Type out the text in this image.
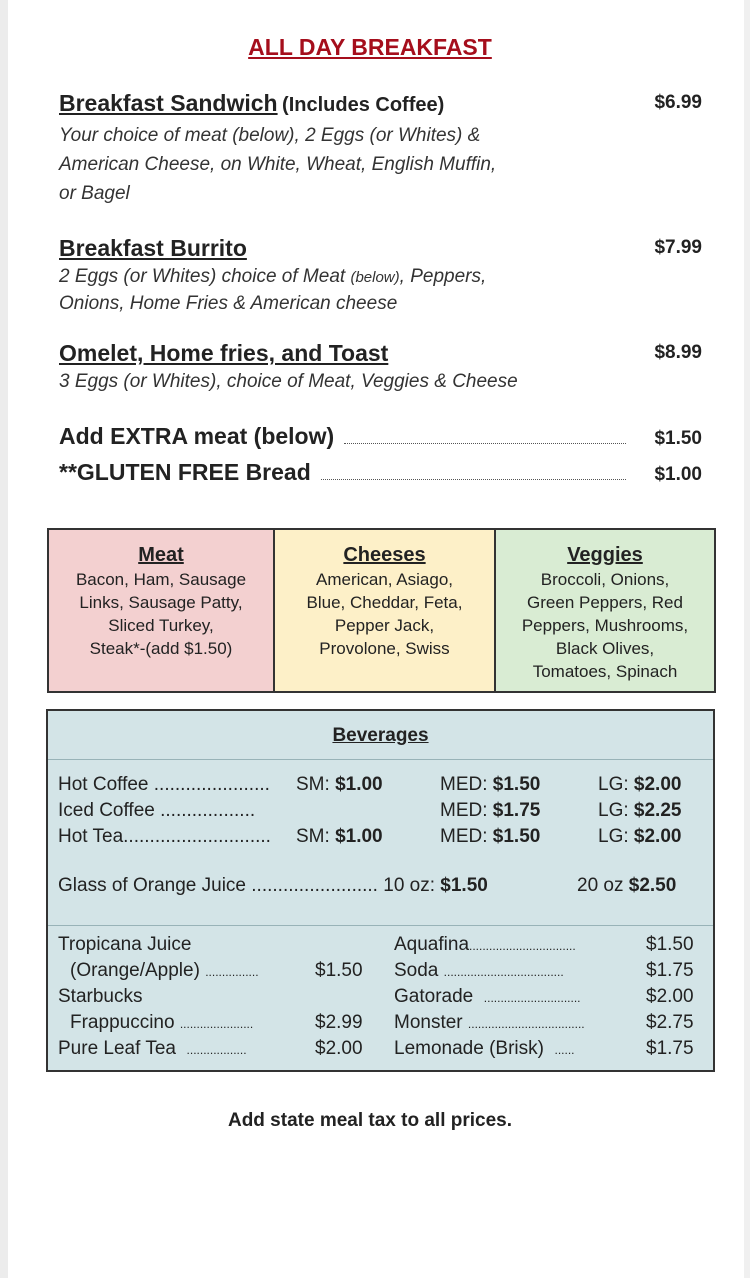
ALL DAY BREAKFAST
Breakfast Sandwich (Includes Coffee)	$6.99
Your choice of meat (below), 2 Eggs (or Whites) &
American Cheese, on White, Wheat, English Muffin,
or Bagel
Breakfast Burrito	$7.99
2 Eggs (or Whites) choice of Meat (below), Peppers,
Onions, Home Fries & American cheese
Omelet, Home fries, and Toast	$8.99
3 Eggs (or Whites), choice of Meat, Veggies & Cheese
Add EXTRA meat (below)	$1.50
**GLUTEN FREE Bread	$1.00
Meat
Bacon, Ham, Sausage
Links, Sausage Patty,
Sliced Turkey,
Steak*-(add $1.50)
Cheeses
American, Asiago,
Blue, Cheddar, Feta,
Pepper Jack,
Provolone, Swiss
Veggies
Broccoli, Onions,
Green Peppers, Red
Peppers, Mushrooms,
Black Olives,
Tomatoes, Spinach
Beverages
Hot Coffee ...................... SM: $1.00	MED: $1.50	LG: $2.00
Iced Coffee ..................	MED: $1.75	LG: $2.25
Hot Tea............................ SM: $1.00	MED: $1.50	LG: $2.00
Glass of Orange Juice ........................ 10 oz: $1.50	20 oz $2.50
Tropicana Juice
(Orange/Apple) ................	$1.50
Starbucks
Frappuccino ......................	$2.99
Pure Leaf Tea ..................	$2.00
Aquafina................................	$1.50
Soda ....................................	$1.75
Gatorade .............................	$2.00
Monster ...................................	$2.75
Lemonade (Brisk) ......	$1.75
Add state meal tax to all prices.
